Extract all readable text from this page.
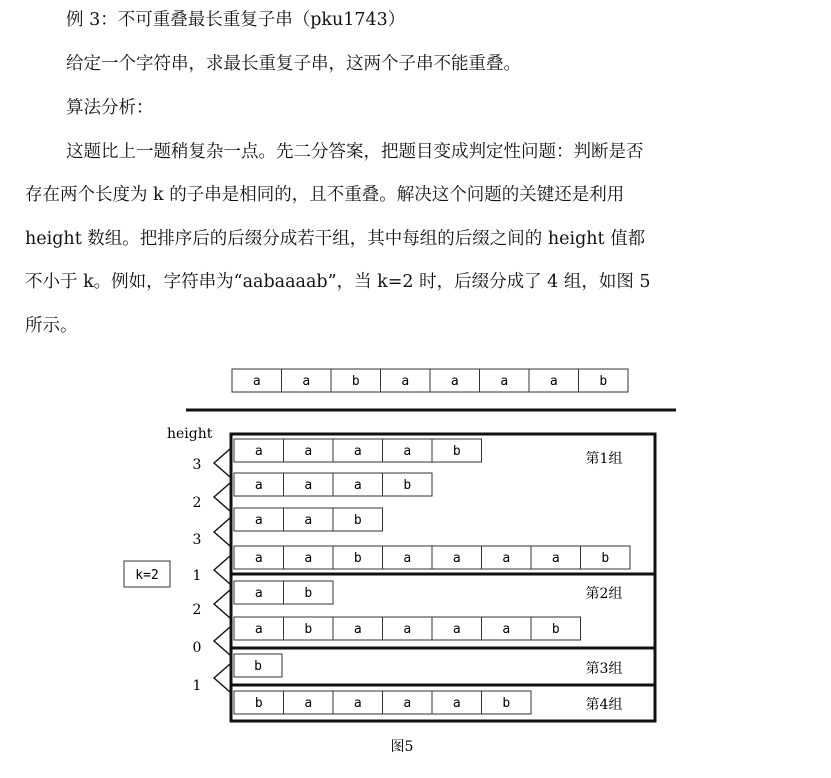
例 3：不可重叠最长重复子串（pku1743）
给定一个字符串，求最长重复子串，这两个子串不能重叠。
算法分析：
这题比上一题稍复杂一点。先二分答案，把题目变成判定性问题：判断是否
存在两个长度为 k 的子串是相同的，且不重叠。解决这个问题的关键还是利用
height 数组。把排序后的后缀分成若干组，其中每组的后缀之间的 height 值都
不小于 k。例如，字符串为“aabaaaab”，当 k=2 时，后缀分成了 4 组，如图 5
所示。
a	a	b	a	a	a	a	b
height
3
2
3
1
2
0
1
a	a	a	a	b
a	a	a	b
a	a	b
a	a	b	a	a	a	a	b
a	b
a	b	a	a	a	a	b
b
b	a	a	a	a	b
第1组
第2组
第3组
第4组
k=2
图5
